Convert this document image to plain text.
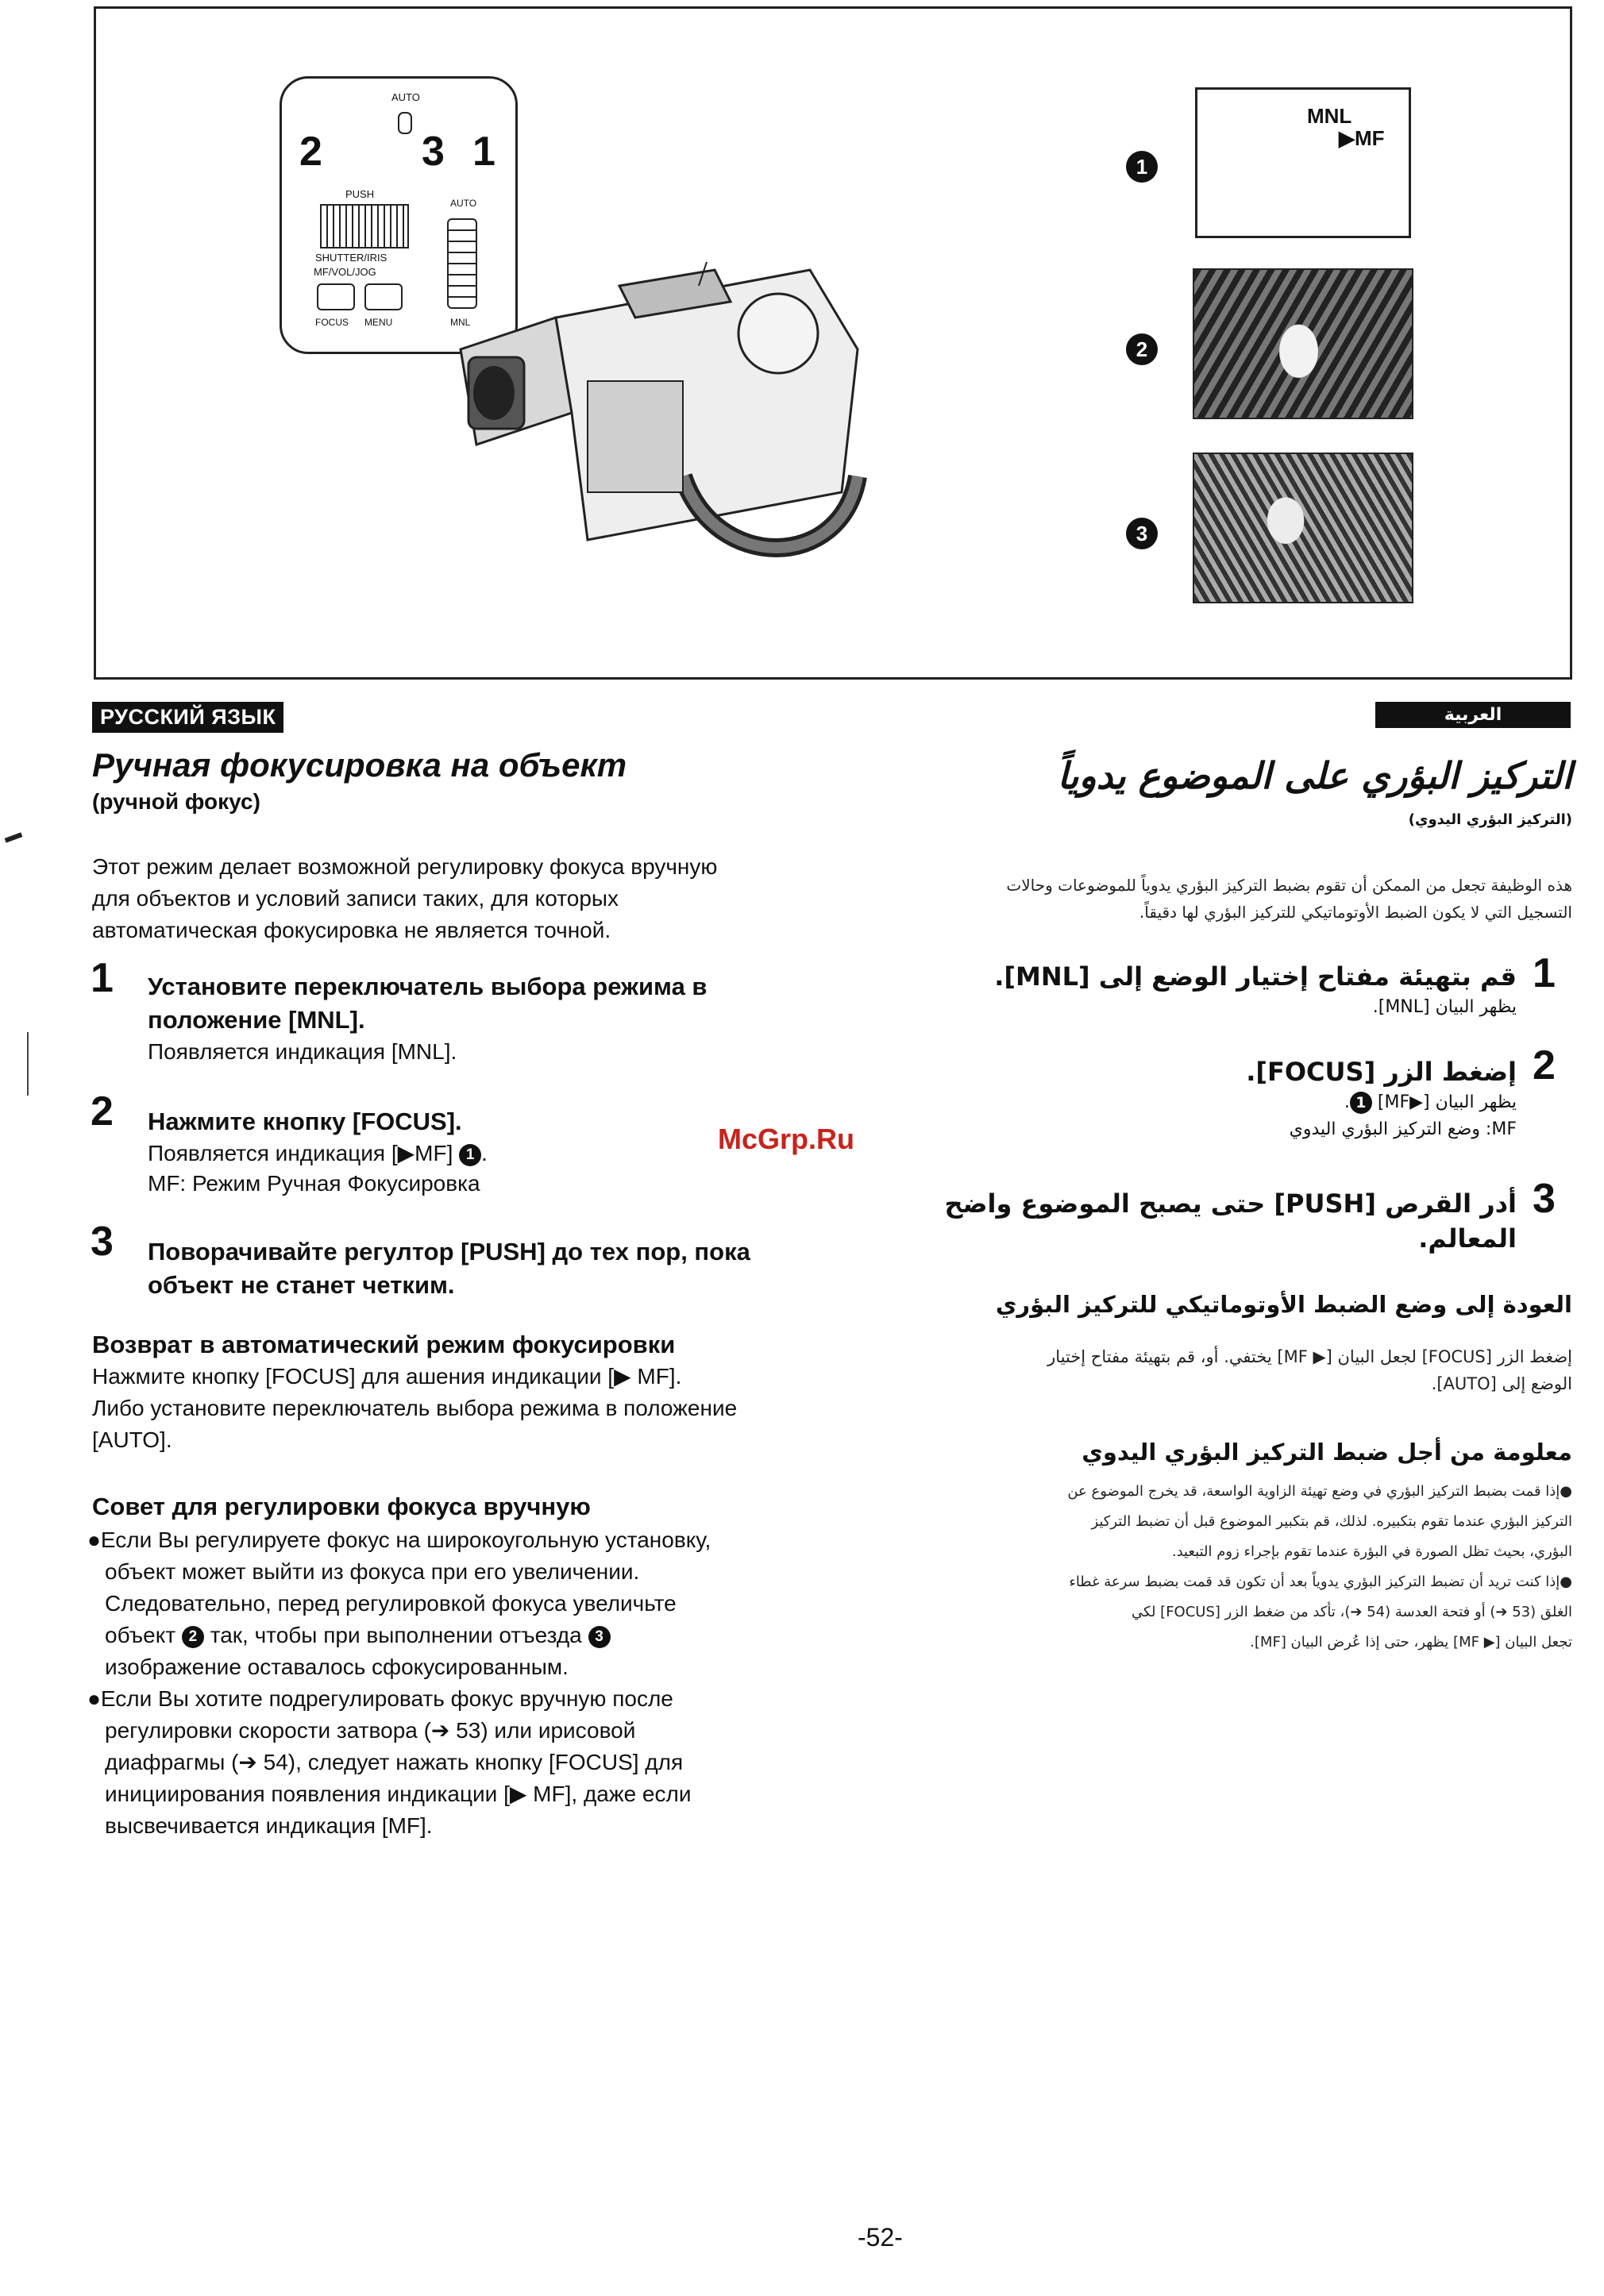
AUTO
2 3 1
PUSH
AUTO
SHUTTER/IRIS
MF/VOL/JOG
FOCUS MENU	MNL
MNL
▶MF
1
2
3
РУССКИЙ ЯЗЫК
Ручная фокусировка на объект
(ручной фокус)
Этот режим делает возможной регулировку фокуса вручную
для объектов и условий записи таких, для которых
автоматическая фокусировка не является точной.
1 Установите переключатель выбора режима в
положение [MNL].
Появляется индикация [MNL].
2 Нажмите кнопку [FOCUS].
Появляется индикация [▶MF] 1 .
MF: Режим Ручная Фокусировка
3 Поворачивайте регултор [PUSH] до тех пор, пока
объект не станет четким.
Возврат в автоматический режим фокусировки
Нажмите кнопку [FOCUS] для ашения индикации [▶ MF].
Либо установите переключатель выбора режима в положение
[AUTO].
Совет для регулировки фокуса вручную
●Если Вы регулируете фокус на широкоугольную установку,
объект может выйти из фокуса при его увеличении.
Следовательно, перед регулировкой фокуса увеличьте
объект 2 так, чтобы при выполнении отъезда 3
изображение оставалось сфокусированным.
●Если Вы хотите подрегулировать фокус вручную после
регулировки скорости затвора (➔ 53) или ирисовой
диафрагмы (➔ 54), следует нажать кнопку [FOCUS] для
инициирования появления индикации [▶ MF], даже если
высвечивается индикация [MF].
McGrp.Ru
العربية
التركيز البؤري على الموضوع يدوياً
(التركيز البؤري اليدوي)
هذه الوظيفة تجعل من الممكن أن تقوم بضبط التركيز البؤري يدوياً للموضوعات وحالات
التسجيل التي لا يكون الضبط الأوتوماتيكي للتركيز البؤري لها دقيقاً.
1
قم بتهيئة مفتاح إختيار الوضع إلى [MNL].
يظهر البيان [MNL].
2
إضغط الزر [FOCUS].
يظهر البيان [▶MF] 1.
MF: وضع التركيز البؤري اليدوي
3
أدر القرص [PUSH] حتى يصبح الموضوع واضح
المعالم.
العودة إلى وضع الضبط الأوتوماتيكي للتركيز البؤري
إضغط الزر [FOCUS] لجعل البيان [▶ MF] يختفي. أو، قم بتهيئة مفتاح إختيار
الوضع إلى [AUTO].
معلومة من أجل ضبط التركيز البؤري اليدوي
●إذا قمت بضبط التركيز البؤري في وضع تهيئة الزاوية الواسعة، قد يخرج الموضوع عن
التركيز البؤري عندما تقوم بتكبيره. لذلك، قم بتكبير الموضوع قبل أن تضبط التركيز
البؤري، بحيث تظل الصورة في البؤرة عندما تقوم بإجراء زوم التبعيد.
●إذا كنت تريد أن تضبط التركيز البؤري يدوياً بعد أن تكون قد قمت بضبط سرعة غطاء
الغلق (53 ➔) أو فتحة العدسة (54 ➔)، تأكد من ضغط الزر [FOCUS] لكي
تجعل البيان [▶ MF] يظهر، حتى إذا عُرض البيان [MF].
-52-
